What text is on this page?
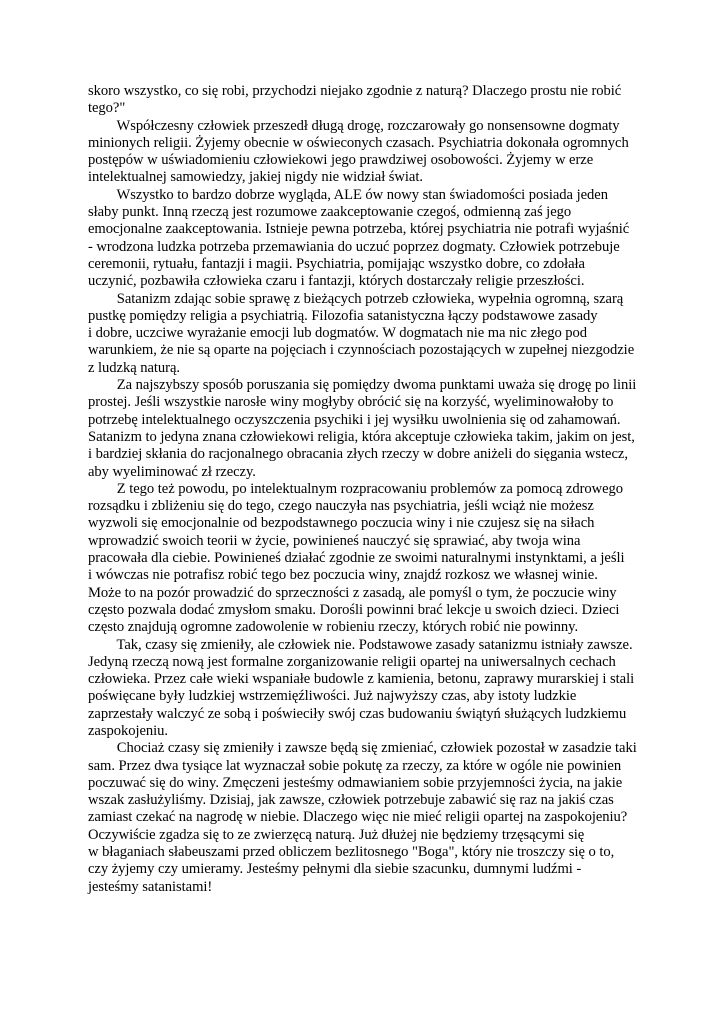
skoro wszystko, co się robi, przychodzi niejako zgodnie z naturą? Dlaczego prostu nie robić
tego?"
Współczesny człowiek przeszedł długą drogę, rozczarowały go nonsensowne dogmaty
minionych religii. Żyjemy obecnie w oświeconych czasach. Psychiatria dokonała ogromnych
postępów w uświadomieniu człowiekowi jego prawdziwej osobowości. Żyjemy w erze
intelektualnej samowiedzy, jakiej nigdy nie widział świat.
Wszystko to bardzo dobrze wygląda, ALE ów nowy stan świadomości posiada jeden
słaby punkt. Inną rzeczą jest rozumowe zaakceptowanie czegoś, odmienną zaś jego
emocjonalne zaakceptowania. Istnieje pewna potrzeba, której psychiatria nie potrafi wyjaśnić
- wrodzona ludzka potrzeba przemawiania do uczuć poprzez dogmaty. Człowiek potrzebuje
ceremonii, rytuału, fantazji i magii. Psychiatria, pomijając wszystko dobre, co zdołała
uczynić, pozbawiła człowieka czaru i fantazji, których dostarczały religie przeszłości.
Satanizm zdając sobie sprawę z bieżących potrzeb człowieka, wypełnia ogromną, szarą
pustkę pomiędzy religia a psychiatrią. Filozofia satanistyczna łączy podstawowe zasady
i dobre, uczciwe wyrażanie emocji lub dogmatów. W dogmatach nie ma nic złego pod
warunkiem, że nie są oparte na pojęciach i czynnościach pozostających w zupełnej niezgodzie
z ludzką naturą.
Za najszybszy sposób poruszania się pomiędzy dwoma punktami uważa się drogę po linii
prostej. Jeśli wszystkie narosłe winy mogłyby obrócić się na korzyść, wyeliminowałoby to
potrzebę intelektualnego oczyszczenia psychiki i jej wysiłku uwolnienia się od zahamowań.
Satanizm to jedyna znana człowiekowi religia, która akceptuje człowieka takim, jakim on jest,
i bardziej skłania do racjonalnego obracania złych rzeczy w dobre aniżeli do sięgania wstecz,
aby wyeliminować zł rzeczy.
Z tego też powodu, po intelektualnym rozpracowaniu problemów za pomocą zdrowego
rozsądku i zbliżeniu się do tego, czego nauczyła nas psychiatria, jeśli wciąż nie możesz
wyzwoli się emocjonalnie od bezpodstawnego poczucia winy i nie czujesz się na siłach
wprowadzić swoich teorii w życie, powinieneś nauczyć się sprawiać, aby twoja wina
pracowała dla ciebie. Powinieneś działać zgodnie ze swoimi naturalnymi instynktami, a jeśli
i wówczas nie potrafisz robić tego bez poczucia winy, znajdź rozkosz we własnej winie.
Może to na pozór prowadzić do sprzeczności z zasadą, ale pomyśl o tym, że poczucie winy
często pozwala dodać zmysłom smaku. Dorośli powinni brać lekcje u swoich dzieci. Dzieci
często znajdują ogromne zadowolenie w robieniu rzeczy, których robić nie powinny.
Tak, czasy się zmieniły, ale człowiek nie. Podstawowe zasady satanizmu istniały zawsze.
Jedyną rzeczą nową jest formalne zorganizowanie religii opartej na uniwersalnych cechach
człowieka. Przez całe wieki wspaniałe budowle z kamienia, betonu, zaprawy murarskiej i stali
poświęcane były ludzkiej wstrzemięźliwości. Już najwyższy czas, aby istoty ludzkie
zaprzestały walczyć ze sobą i poświeciły swój czas budowaniu świątyń służących ludzkiemu
zaspokojeniu.
Chociaż czasy się zmieniły i zawsze będą się zmieniać, człowiek pozostał w zasadzie taki
sam. Przez dwa tysiące lat wyznaczał sobie pokutę za rzeczy, za które w ogóle nie powinien
poczuwać się do winy. Zmęczeni jesteśmy odmawianiem sobie przyjemności życia, na jakie
wszak zasłużyliśmy. Dzisiaj, jak zawsze, człowiek potrzebuje zabawić się raz na jakiś czas
zamiast czekać na nagrodę w niebie. Dlaczego więc nie mieć religii opartej na zaspokojeniu?
Oczywiście zgadza się to ze zwierzęcą naturą. Już dłużej nie będziemy trzęsącymi się
w błaganiach słabeuszami przed obliczem bezlitosnego "Boga", który nie troszczy się o to,
czy żyjemy czy umieramy. Jesteśmy pełnymi dla siebie szacunku, dumnymi ludźmi -
jesteśmy satanistami!
